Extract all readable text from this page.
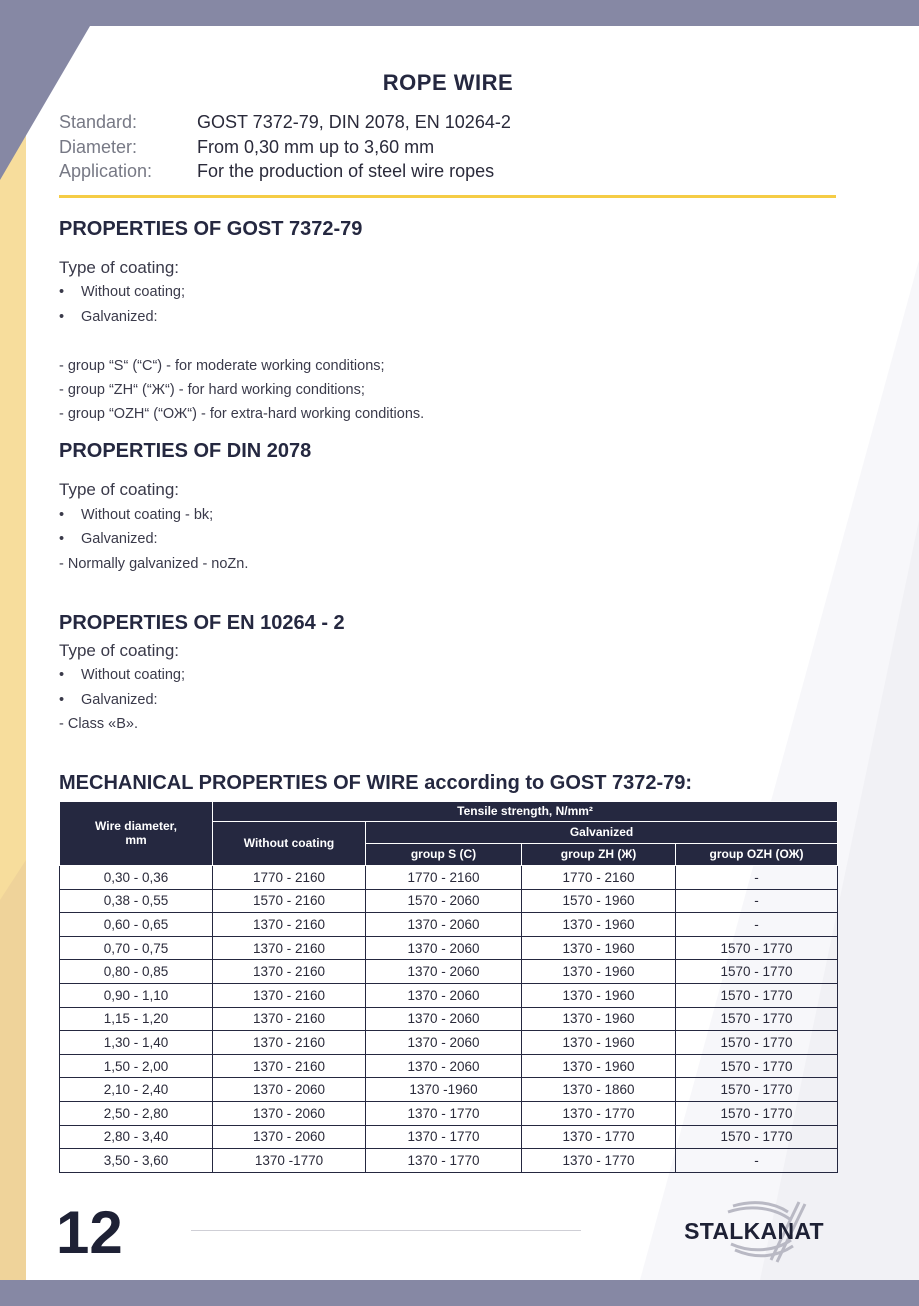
ROPE WIRE
Standard:	GOST 7372-79, DIN 2078, EN 10264-2
Diameter:	From 0,30 mm up to 3,60 mm
Application: For the production of steel wire ropes
PROPERTIES OF GOST 7372-79
Type of coating:
• Without coating;
• Galvanized:
- group “S“ (“C“) - for moderate working conditions;
- group “ZH“ (“Ж“) - for hard working conditions;
- group “OZH“ (“ОЖ“) - for extra-hard working conditions.
PROPERTIES OF DIN 2078
Type of coating:
• Without coating - bk;
• Galvanized:
- Normally galvanized - noZn.
PROPERTIES OF EN 10264 - 2
Type of coating:
• Without coating;
• Galvanized:
- Class «B».
MECHANICAL PROPERTIES OF WIRE according to GOST 7372-79:
Wire diameter, mm	Tensile strength, N/mm²			
	Without coating	Galvanized		
		group S (C)	group ZH (Ж)	group OZH (ОЖ)
0,30 - 0,36	1770 - 2160	1770 - 2160	1770 - 2160	-
0,38 - 0,55	1570 - 2160	1570 - 2060	1570 - 1960	-
0,60 - 0,65	1370 - 2160	1370 - 2060	1370 - 1960	-
0,70 - 0,75	1370 - 2160	1370 - 2060	1370 - 1960	1570 - 1770
0,80 - 0,85	1370 - 2160	1370 - 2060	1370 - 1960	1570 - 1770
0,90 - 1,10	1370 - 2160	1370 - 2060	1370 - 1960	1570 - 1770
1,15 - 1,20	1370 - 2160	1370 - 2060	1370 - 1960	1570 - 1770
1,30 - 1,40	1370 - 2160	1370 - 2060	1370 - 1960	1570 - 1770
1,50 - 2,00	1370 - 2160	1370 - 2060	1370 - 1960	1570 - 1770
2,10 - 2,40	1370 - 2060	1370 -1960	1370 - 1860	1570 - 1770
2,50 - 2,80	1370 - 2060	1370 - 1770	1370 - 1770	1570 - 1770
2,80 - 3,40	1370 - 2060	1370 - 1770	1370 - 1770	1570 - 1770
3,50 - 3,60	1370 -1770	1370 - 1770	1370 - 1770	-
12	STALKANAT
